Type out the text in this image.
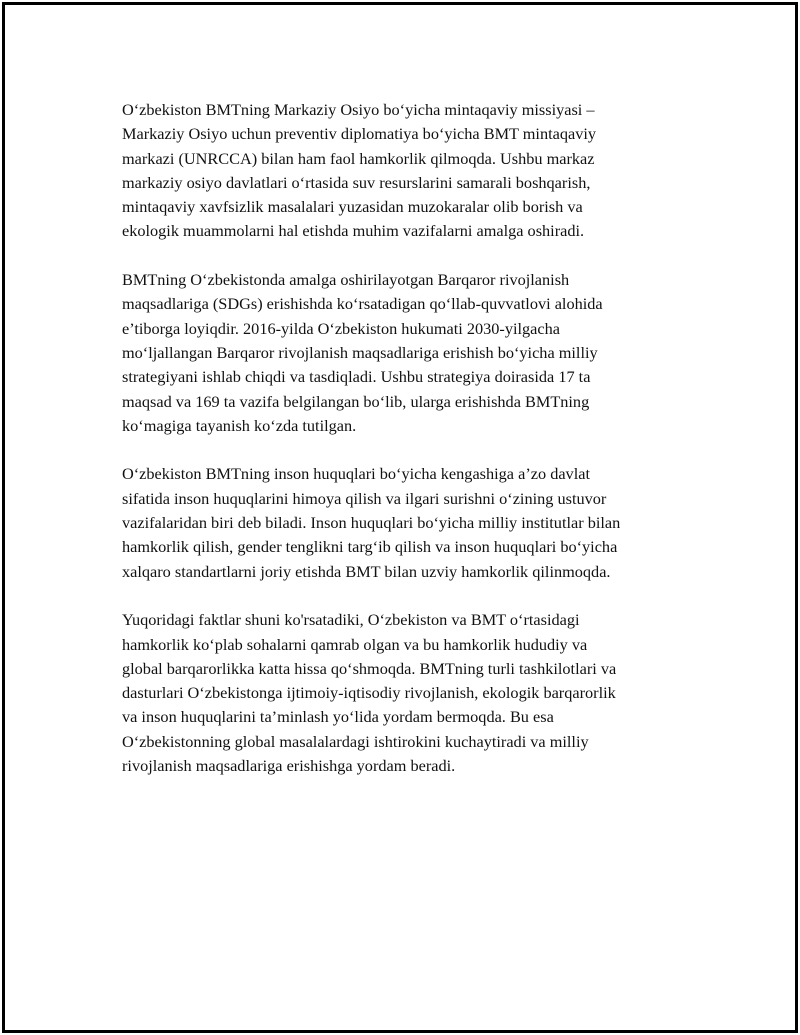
O‘zbekiston BMTning Markaziy Osiyo bo‘yicha mintaqaviy missiyasi –
Markaziy Osiyo uchun preventiv diplomatiya bo‘yicha BMT mintaqaviy
markazi (UNRCCA) bilan ham faol hamkorlik qilmoqda. Ushbu markaz
markaziy osiyo davlatlari o‘rtasida suv resurslarini samarali boshqarish,
mintaqaviy xavfsizlik masalalari yuzasidan muzokaralar olib borish va
ekologik muammolarni hal etishda muhim vazifalarni amalga oshiradi.

BMTning O‘zbekistonda amalga oshirilayotgan Barqaror rivojlanish
maqsadlariga (SDGs) erishishda ko‘rsatadigan qo‘llab-quvvatlovi alohida
e’tiborga loyiqdir. 2016-yilda O‘zbekiston hukumati 2030-yilgacha
mo‘ljallangan Barqaror rivojlanish maqsadlariga erishish bo‘yicha milliy
strategiyani ishlab chiqdi va tasdiqladi. Ushbu strategiya doirasida 17 ta
maqsad va 169 ta vazifa belgilangan bo‘lib, ularga erishishda BMTning
ko‘magiga tayanish ko‘zda tutilgan.

O‘zbekiston BMTning inson huquqlari bo‘yicha kengashiga a’zo davlat
sifatida inson huquqlarini himoya qilish va ilgari surishni o‘zining ustuvor
vazifalaridan biri deb biladi. Inson huquqlari bo‘yicha milliy institutlar bilan
hamkorlik qilish, gender tenglikni targ‘ib qilish va inson huquqlari bo‘yicha
xalqaro standartlarni joriy etishda BMT bilan uzviy hamkorlik qilinmoqda.

Yuqoridagi faktlar shuni ko'rsatadiki, O‘zbekiston va BMT o‘rtasidagi
hamkorlik ko‘plab sohalarni qamrab olgan va bu hamkorlik hududiy va
global barqarorlikka katta hissa qo‘shmoqda. BMTning turli tashkilotlari va
dasturlari O‘zbekistonga ijtimoiy-iqtisodiy rivojlanish, ekologik barqarorlik
va inson huquqlarini ta’minlash yo‘lida yordam bermoqda. Bu esa
O‘zbekistonning global masalalardagi ishtirokini kuchaytiradi va milliy
rivojlanish maqsadlariga erishishga yordam beradi.
